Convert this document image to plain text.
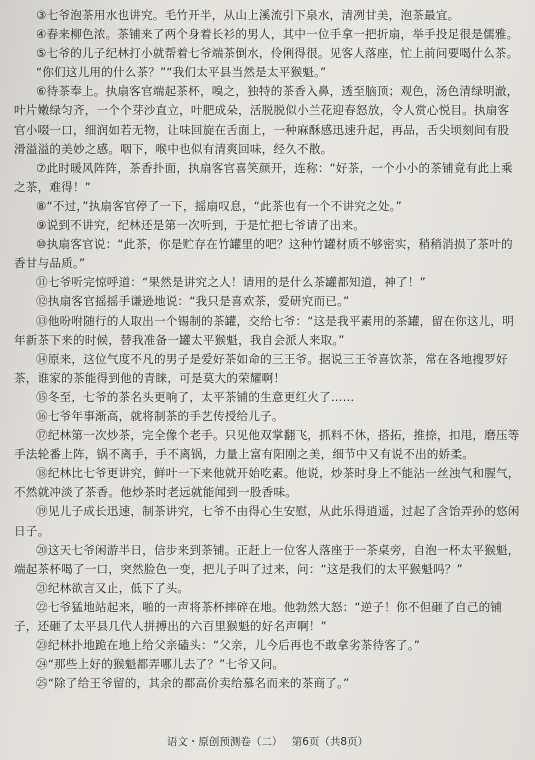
③七爷泡茶用水也讲究。毛竹开半，从山上溪流引下泉水，清冽甘美，泡茶最宜。

④春来柳色浓。茶铺来了两个身着长衫的男人，其中一位手拿一把折扇，举手投足很是儒雅。

⑤七爷的儿子纪林打小就帮着七爷端茶倒水，伶俐得很。见客人落座，忙上前问要喝什么茶。

“你们这儿用的什么茶？”“我们太平县当然是太平猴魁。”

⑥待茶奉上。执扇客官端起茶杯，嗅之，独特的茶香入鼻，透至脑顶；观色，汤色清绿明澈，叶片嫩绿匀齐，一个个芽沙直立，叶肥成朵，活脱脱似小兰花迎春怒放，令人赏心悦目。执扇客官小啜一口，细润如若无物，让味回旋在舌面上，一种麻酥感迅速升起，再品，舌尖顷刻间有股滑溢溢的美妙之感。咽下，喉中也似有清爽回味，经久不散。

⑦此时暖风阵阵，茶香扑面，执扇客官喜笑颜开，连称：“好茶，一个小小的茶铺竟有此上乘之茶，难得！”

⑧“不过，”执扇客官停了一下，摇扇叹息，“此茶也有一个不讲究之处。”

⑨说到不讲究，纪林还是第一次听到，于是忙把七爷请了出来。

⑩执扇客官说：“此茶，你是贮存在竹罐里的吧？这种竹罐材质不够密实，稍稍消损了茶叶的香甘与品质。”

⑪七爷听完惊呼道：“果然是讲究之人！请用的是什么茶罐都知道，神了！”

⑫执扇客官摇摇手谦逊地说：“我只是喜欢茶，爱研究而已。”

⑬他吩咐随行的人取出一个锡制的茶罐，交给七爷：“这是我平素用的茶罐，留在你这儿，明年新茶下来的时候，替我准备一罐太平猴魁，我自会派人来取。”

⑭原来，这位气度不凡的男子是爱好茶如命的三王爷。据说三王爷喜饮茶，常在各地搜罗好茶，谁家的茶能得到他的青睐，可是莫大的荣耀啊！

⑮冬至，七爷的茶名头更响了，太平茶铺的生意更红火了……

⑯七爷年事渐高，就将制茶的手艺传授给儿子。

⑰纪林第一次炒茶，完全像个老手。只见他双掌翻飞，抓料不休，搭拓，推捺，扣甩，磨压等手法轮番上阵，锅不离手，手不离锅，力量上富有阳刚之美，细节中又有说不出的娇柔。

⑱纪林比七爷更讲究，鲜叶一下来他就开始吃素。他说，炒茶时身上不能沾一丝浊气和腥气，不然就冲淡了茶香。他炒茶时老远就能闻到一股香味。

⑲见儿子成长迅速，制茶讲究，七爷不由得心生安慰，从此乐得逍遥，过起了含饴弄孙的悠闲日子。

⑳这天七爷闲游半日，信步来到茶铺。正赶上一位客人落座于一茶桌旁，自泡一杯太平猴魁，端起茶杯喝了一口，突然脸色一变，把儿子叫了过来，问：“这是我们的太平猴魁吗？”

㉑纪林欲言又止，低下了头。

㉒七爷猛地站起来，啪的一声将茶杯摔碎在地。他勃然大怒：“逆子！你不但砸了自己的铺子，还砸了太平县几代人拼搏出的六百里猴魁的好名声啊！”

㉓纪林扑地跪在地上给父亲磕头：“父亲，儿今后再也不敢拿劣茶待客了。”

㉔“那些上好的猴魁都弄哪儿去了？”七爷又问。

㉕“除了给王爷留的，其余的都高价卖给慕名而来的茶商了。”

语文・原创预测卷（二） 第6页（共8页）
